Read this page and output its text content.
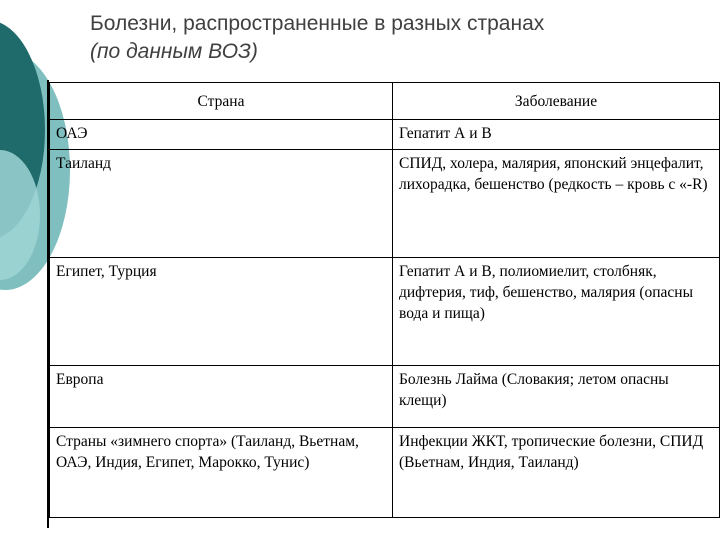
Болезни, распространенные в разных странах
(по данным ВОЗ)
Страна	Заболевание
ОАЭ	Гепатит А и В
Таиланд	СПИД, холера, малярия, японский энцефалит, лихорадка, бешенство (редкость – кровь с «-R)
Египет, Турция	Гепатит А и В, полиомиелит, столбняк, дифтерия, тиф, бешенство, малярия (опасны вода и пища)
Европа	Болезнь Лайма (Словакия; летом опасны клещи)
Страны «зимнего спорта» (Таиланд, Вьетнам, ОАЭ, Индия, Египет, Марокко, Тунис)	Инфекции ЖКТ, тропические болезни, СПИД (Вьетнам, Индия, Таиланд)
